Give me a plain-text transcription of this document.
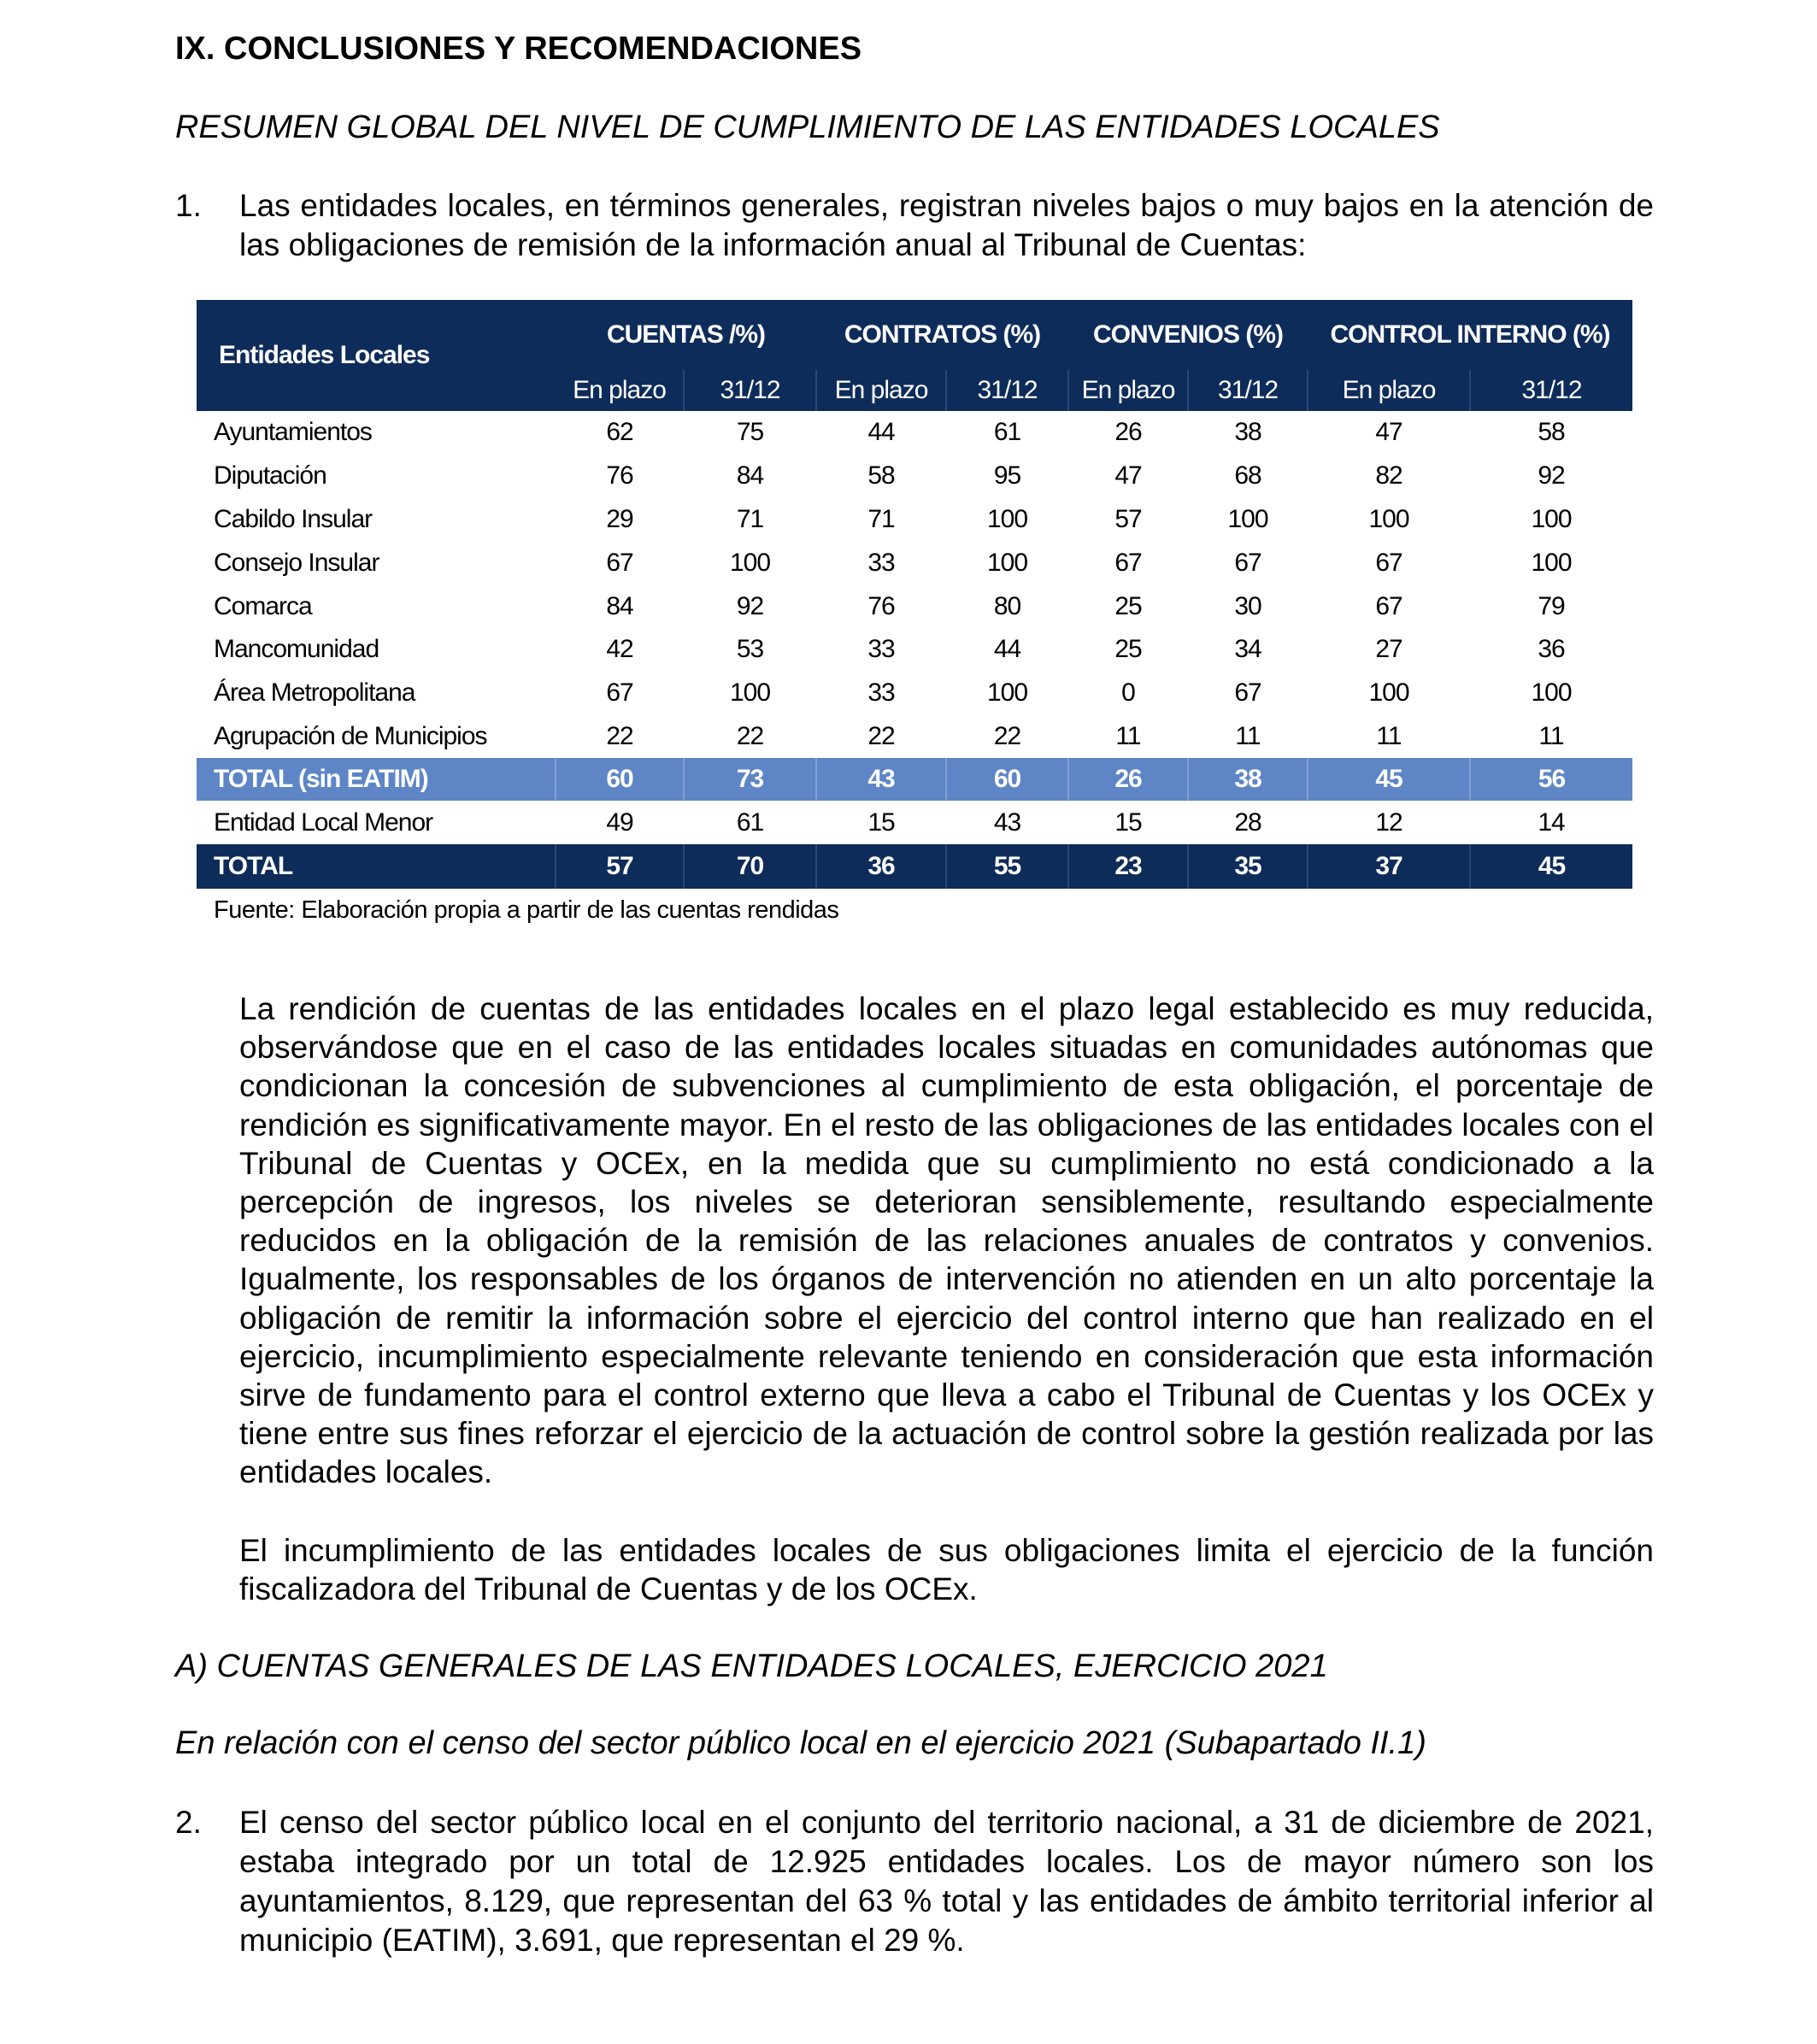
IX. CONCLUSIONES Y RECOMENDACIONES
RESUMEN GLOBAL DEL NIVEL DE CUMPLIMIENTO DE LAS ENTIDADES LOCALES
1.	Las entidades locales, en términos generales, registran niveles bajos o muy bajos en la atención de las obligaciones de remisión de la información anual al Tribunal de Cuentas:
Entidades Locales	CUENTAS /%)		CONTRATOS (%)		CONVENIOS (%)		CONTROL INTERNO (%)	
	En plazo	31/12	En plazo	31/12	En plazo	31/12	En plazo	31/12
Ayuntamientos	62	75	44	61	26	38	47	58
Diputación	76	84	58	95	47	68	82	92
Cabildo Insular	29	71	71	100	57	100	100	100
Consejo Insular	67	100	33	100	67	67	67	100
Comarca	84	92	76	80	25	30	67	79
Mancomunidad	42	53	33	44	25	34	27	36
Área Metropolitana	67	100	33	100	0	67	100	100
Agrupación de Municipios	22	22	22	22	11	11	11	11
TOTAL (sin EATIM)	60	73	43	60	26	38	45	56
Entidad Local Menor	49	61	15	43	15	28	12	14
TOTAL	57	70	36	55	23	35	37	45
Fuente: Elaboración propia a partir de las cuentas rendidas
La rendición de cuentas de las entidades locales en el plazo legal establecido es muy reducida, observándose que en el caso de las entidades locales situadas en comunidades autónomas que condicionan la concesión de subvenciones al cumplimiento de esta obligación, el porcentaje de rendición es significativamente mayor. En el resto de las obligaciones de las entidades locales con el Tribunal de Cuentas y OCEx, en la medida que su cumplimiento no está condicionado a la percepción de ingresos, los niveles se deterioran sensiblemente, resultando especialmente reducidos en la obligación de la remisión de las relaciones anuales de contratos y convenios. Igualmente, los responsables de los órganos de intervención no atienden en un alto porcentaje la obligación de remitir la información sobre el ejercicio del control interno que han realizado en el ejercicio, incumplimiento especialmente relevante teniendo en consideración que esta información sirve de fundamento para el control externo que lleva a cabo el Tribunal de Cuentas y los OCEx y tiene entre sus fines reforzar el ejercicio de la actuación de control sobre la gestión realizada por las entidades locales.
El incumplimiento de las entidades locales de sus obligaciones limita el ejercicio de la función fiscalizadora del Tribunal de Cuentas y de los OCEx.
A) CUENTAS GENERALES DE LAS ENTIDADES LOCALES, EJERCICIO 2021
En relación con el censo del sector público local en el ejercicio 2021 (Subapartado II.1)
2.	El censo del sector público local en el conjunto del territorio nacional, a 31 de diciembre de 2021, estaba integrado por un total de 12.925 entidades locales. Los de mayor número son los ayuntamientos, 8.129, que representan del 63 % total y las entidades de ámbito territorial inferior al municipio (EATIM), 3.691, que representan el 29 %.
